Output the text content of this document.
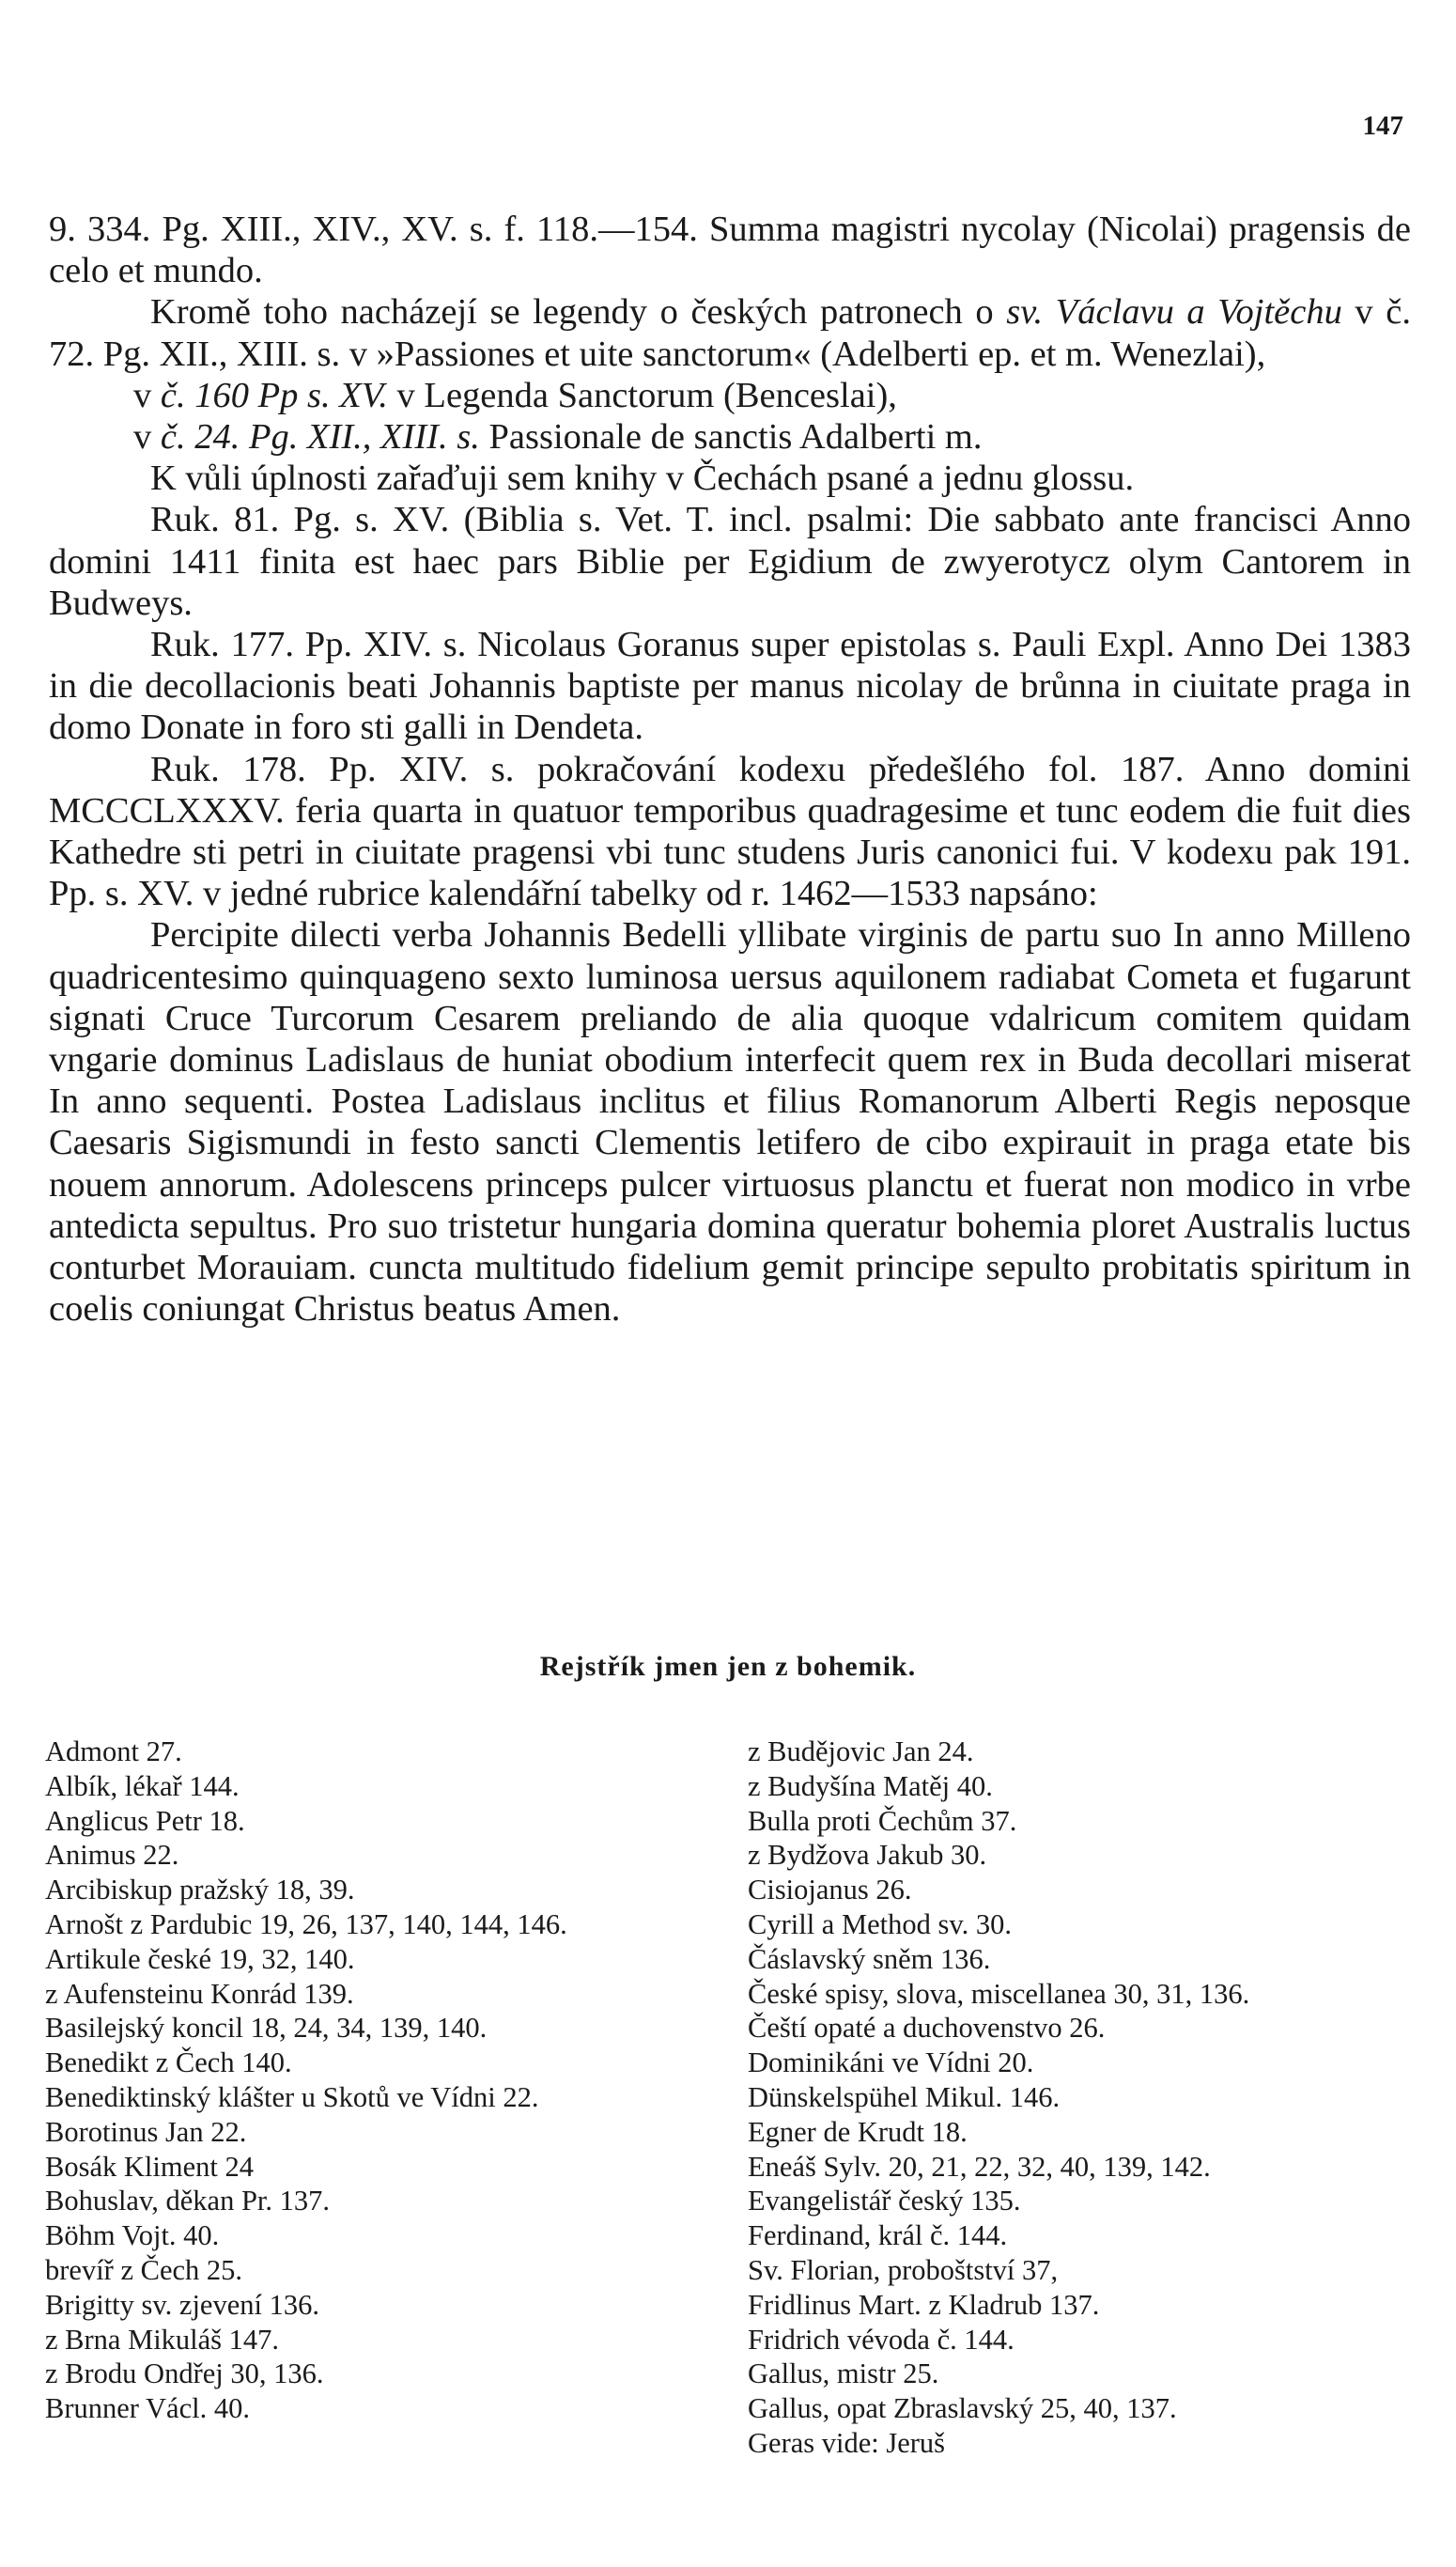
147

9. 334. Pg. XIII., XIV., XV. s. f. 118.—154. Summa magistri nycolay (Nicolai) pragensis de celo et mundo.

Kromě toho nacházejí se legendy o českých patronech o sv. Václavu a Vojtěchu v č. 72. Pg. XII., XIII. s. v »Passiones et uite sanctorum« (Adelberti ep. et m. Wenezlai),

v č. 160 Pp s. XV. v Legenda Sanctorum (Benceslai),

v č. 24. Pg. XII., XIII. s. Passionale de sanctis Adalberti m.

K vůli úplnosti zařaďuji sem knihy v Čechách psané a jednu glossu.

Ruk. 81. Pg. s. XV. (Biblia s. Vet. T. incl. psalmi: Die sabbato ante francisci Anno domini 1411 finita est haec pars Biblie per Egidium de zwyerotycz olym Cantorem in Budweys.

Ruk. 177. Pp. XIV. s. Nicolaus Goranus super epistolas s. Pauli Expl. Anno Dei 1383 in die decollacionis beati Johannis baptiste per manus nicolay de brůnna in ciuitate praga in domo Donate in foro sti galli in Dendeta.

Ruk. 178. Pp. XIV. s. pokračování kodexu předešlého fol. 187. Anno domini MCCCLXXXV. feria quarta in quatuor temporibus quadragesime et tunc eodem die fuit dies Kathedre sti petri in ciuitate pragensi vbi tunc studens Juris canonici fui. V kodexu pak 191. Pp. s. XV. v jedné rubrice kalendářní tabelky od r. 1462—1533 napsáno:

Percipite dilecti verba Johannis Bedelli yllibate virginis de partu suo In anno Milleno quadricentesimo quinquageno sexto luminosa uersus aquilonem radiabat Cometa et fugarunt signati Cruce Turcorum Cesarem preliando de alia quoque vdalricum comitem quidam vngarie dominus Ladislaus de huniat obodium interfecit quem rex in Buda decollari miserat In anno sequenti. Postea Ladislaus inclitus et filius Romanorum Alberti Regis neposque Caesaris Sigismundi in festo sancti Clementis letifero de cibo expirauit in praga etate bis nouem annorum. Adolescens princeps pulcer virtuosus planctu et fuerat non modico in vrbe antedicta sepultus. Pro suo tristetur hungaria domina queratur bohemia ploret Australis luctus conturbet Morauiam. cuncta multitudo fidelium gemit principe sepulto probitatis spiritum in coelis coniungat Christus beatus Amen.

Rejstřík jmen jen z bohemik.
Admont 27.
Albík, lékař 144.
Anglicus Petr 18.
Animus 22.
Arcibiskup pražský 18, 39.
Arnošt z Pardubic 19, 26, 137, 140, 144, 146.
Artikule české 19, 32, 140.
z Aufensteinu Konrád 139.
Basilejský koncil 18, 24, 34, 139, 140.
Benedikt z Čech 140.
Benediktinský klášter u Skotů ve Vídni 22.
Borotinus Jan 22.
Bosák Kliment 24
Bohuslav, děkan Pr. 137.
Böhm Vojt. 40.
brevíř z Čech 25.
Brigitty sv. zjevení 136.
z Brna Mikuláš 147.
z Brodu Ondřej 30, 136.
Brunner Václ. 40.
z Budějovic Jan 24.
z Budyšína Matěj 40.
Bulla proti Čechům 37.
z Bydžova Jakub 30.
Cisiojanus 26.
Cyrill a Method sv. 30.
Čáslavský sněm 136.
České spisy, slova, miscellanea 30, 31, 136.
Čeští opaté a duchovenstvo 26.
Dominikáni ve Vídni 20.
Dünskelspühel Mikul. 146.
Egner de Krudt 18.
Eneáš Sylv. 20, 21, 22, 32, 40, 139, 142.
Evangelistář český 135.
Ferdinand, král č. 144.
Sv. Florian, proboštství 37,
Fridlinus Mart. z Kladrub 137.
Fridrich vévoda č. 144.
Gallus, mistr 25.
Gallus, opat Zbraslavský 25, 40, 137.
Geras vide: Jeruš
